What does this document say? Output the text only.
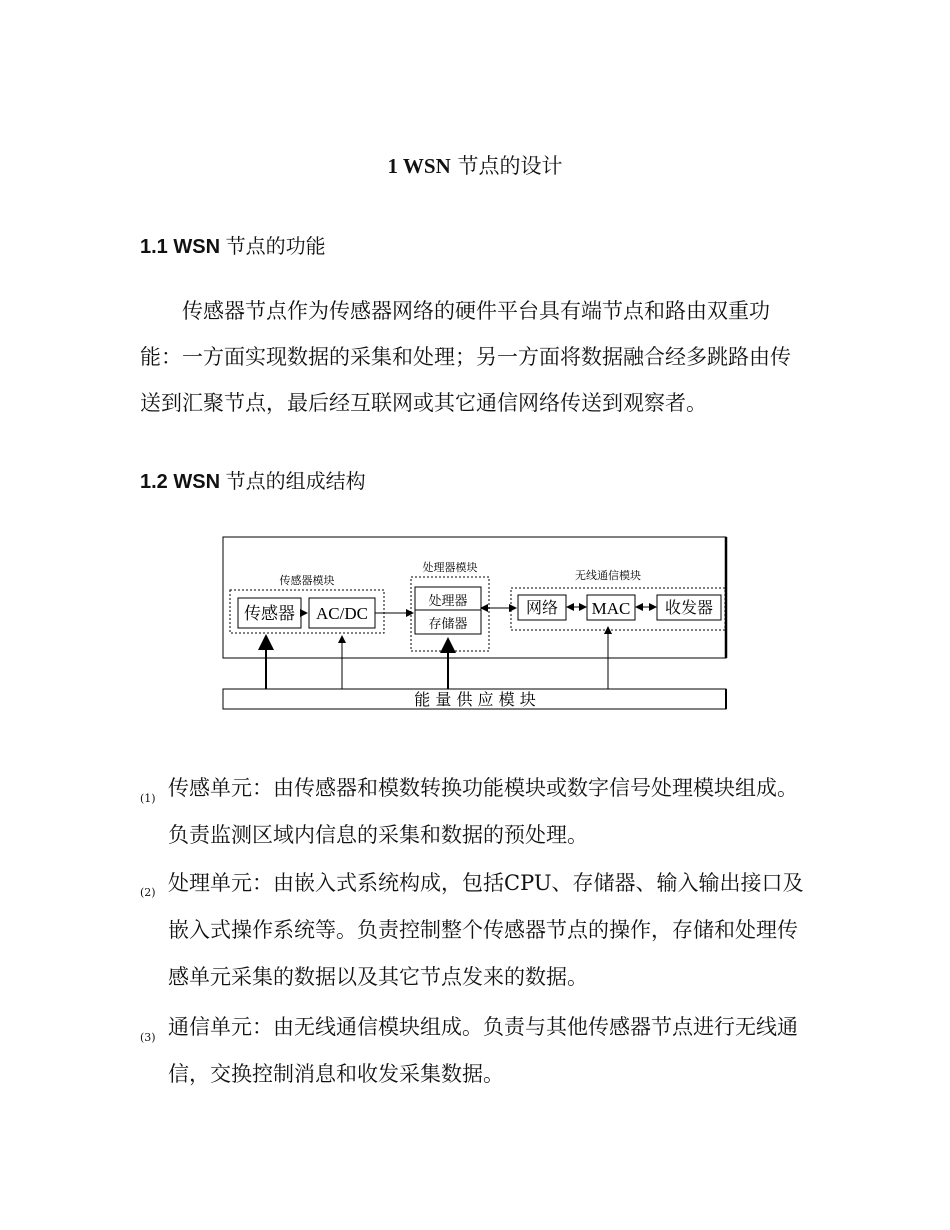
1 WSN 节点的设计
1.1 WSN 节点的功能

传感器节点作为传感器网络的硬件平台具有端节点和路由双重功

能：一方面实现数据的采集和处理；另一方面将数据融合经多跳路由传

送到汇聚节点，最后经互联网或其它通信网络传送到观察者。

1.2 WSN 节点的组成结构
传感器模块
处理器模块
无线通信模块
传感器 AC/DC
处理器
存储器
网络 MAC 收发器
能 量 供 应 模 块
(1) 传感单元：由传感器和模数转换功能模块或数字信号处理模块组成。
负责监测区域内信息的采集和数据的预处理。
(2) 处理单元：由嵌入式系统构成，包括CPU、存储器、输入输出接口及
嵌入式操作系统等。负责控制整个传感器节点的操作，存储和处理传
感单元采集的数据以及其它节点发来的数据。
(3) 通信单元：由无线通信模块组成。负责与其他传感器节点进行无线通
信，交换控制消息和收发采集数据。
